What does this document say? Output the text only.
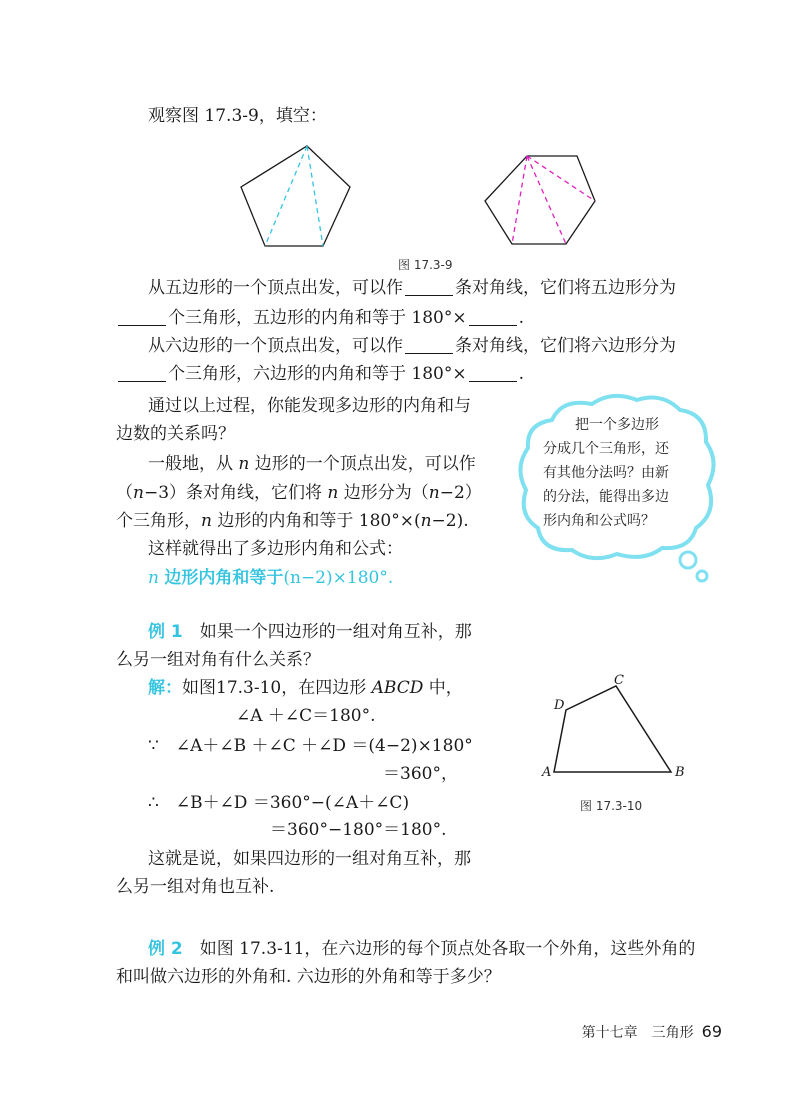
观察图 17.3-9，填空：
图 17.3-9
从五边形的一个顶点出发，可以作	条对角线，它们将五边形分为
个三角形，五边形的内角和等于 180°×	.
从六边形的一个顶点出发，可以作	条对角线，它们将六边形分为
个三角形，六边形的内角和等于 180°×	.
通过以上过程，你能发现多边形的内角和与
边数的关系吗？
一般地，从 n 边形的一个顶点出发，可以作
（n−3）条对角线，它们将 n 边形分为（n−2）
个三角形，n 边形的内角和等于 180°×(n−2).
这样就得出了多边形内角和公式：
n 边形内角和等于(n−2)×180°.
把一个多边形
分成几个三角形，还
有其他分法吗？由新
的分法，能得出多边
形内角和公式吗？
例 1　 如果一个四边形的一组对角互补，那
么另一组对角有什么关系？
解：如图17.3-10，在四边形 ABCD 中，
∠A ＋∠C＝180°.
∵　 ∠A＋∠B ＋∠C ＋∠D ＝(4−2)×180°
＝360°，
∴　 ∠B＋∠D ＝360°−(∠A＋∠C)
＝360°−180°＝180°.
这就是说，如果四边形的一组对角互补，那
么另一组对角也互补.
A	B
C
D
图 17.3-10
例 2　 如图 17.3-11，在六边形的每个顶点处各取一个外角，这些外角的
和叫做六边形的外角和. 六边形的外角和等于多少？
第十七章　三角形 69
